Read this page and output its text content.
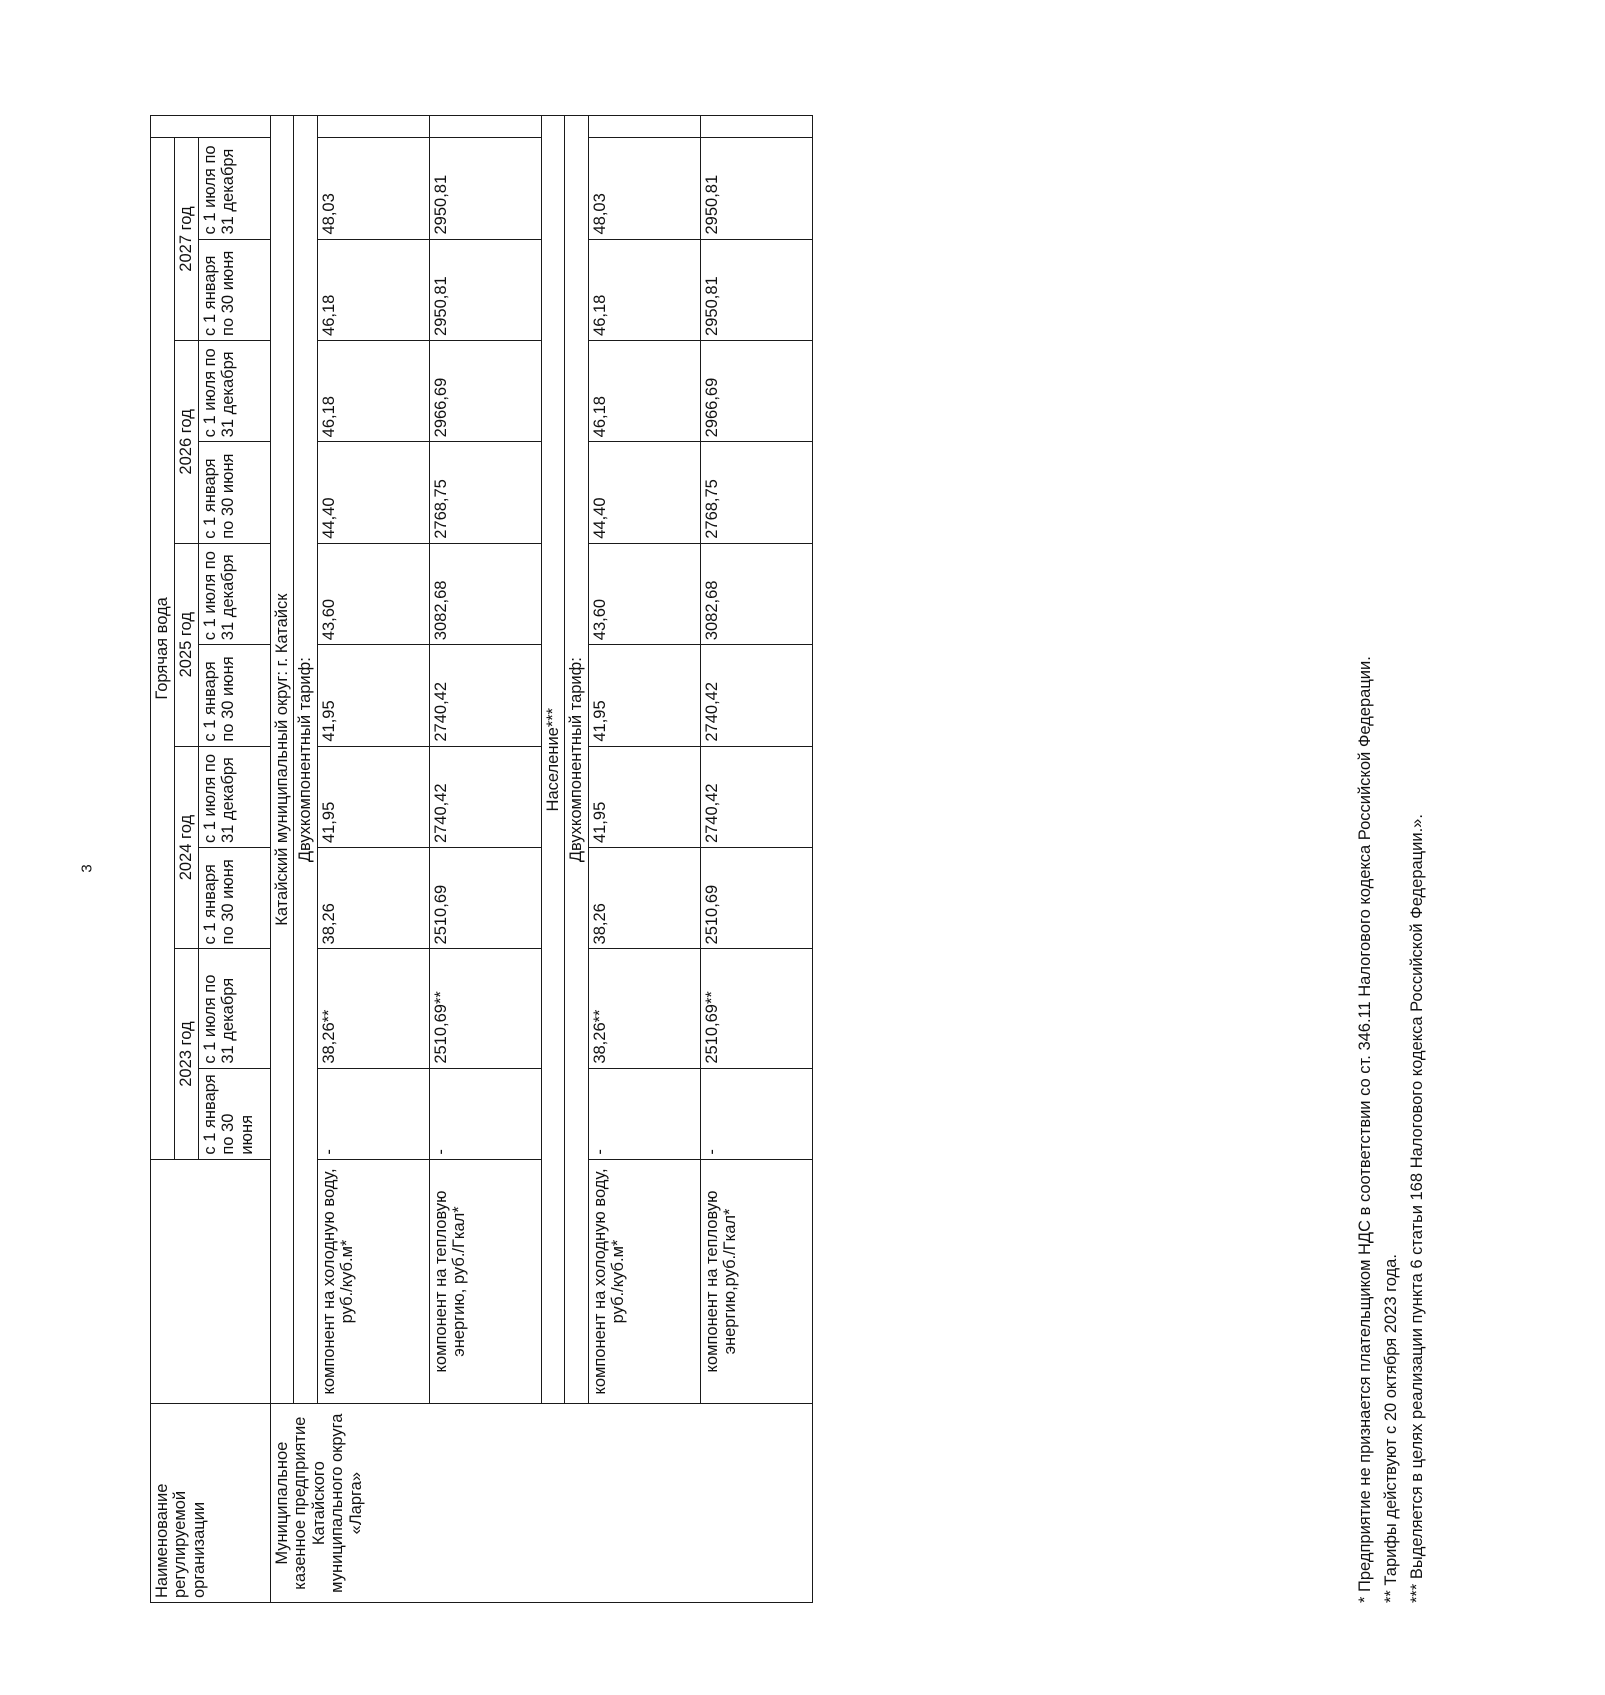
3
Наименование регулируемой организации		Горячая вода										
		2023 год		2024 год		2025 год		2026 год		2027 год		
		с 1 января по 30 июня	с 1 июля по 31 декабря	с 1 января по 30 июня	с 1 июля по 31 декабря	с 1 января по 30 июня	с 1 июля по 31 декабря	с 1 января по 30 июня	с 1 июля по 31 декабря	с 1 января по 30 июня	с 1 июля по 31 декабря	
Муниципальное казенное предприятие Катайского муниципального округа «Ларга»	Катайский муниципальный округ: г. Катайск											
	Двухкомпонентный тариф:											
	компонент на холодную воду, руб./куб.м*	-	38,26**	38,26	41,95	41,95	43,60	44,40	46,18	46,18	48,03	
	компонент на тепловую энергию, руб./Гкал*	-	2510,69**	2510,69	2740,42	2740,42	3082,68	2768,75	2966,69	2950,81	2950,81	
	Население***											
	Двухкомпонентный тариф:											
	компонент на холодную воду, руб./куб.м*	-	38,26**	38,26	41,95	41,95	43,60	44,40	46,18	46,18	48,03	
	компонент на тепловую энергию,руб./Гкал*	-	2510,69**	2510,69	2740,42	2740,42	3082,68	2768,75	2966,69	2950,81	2950,81	
* Предприятие не признается плательщиком НДС в соответствии со ст. 346.11 Налогового кодекса Российской Федерации. ** Тарифы действуют с 20 октября 2023 года. *** Выделяется в целях реализации пункта 6 статьи 168 Налогового кодекса Российской Федерации.».
